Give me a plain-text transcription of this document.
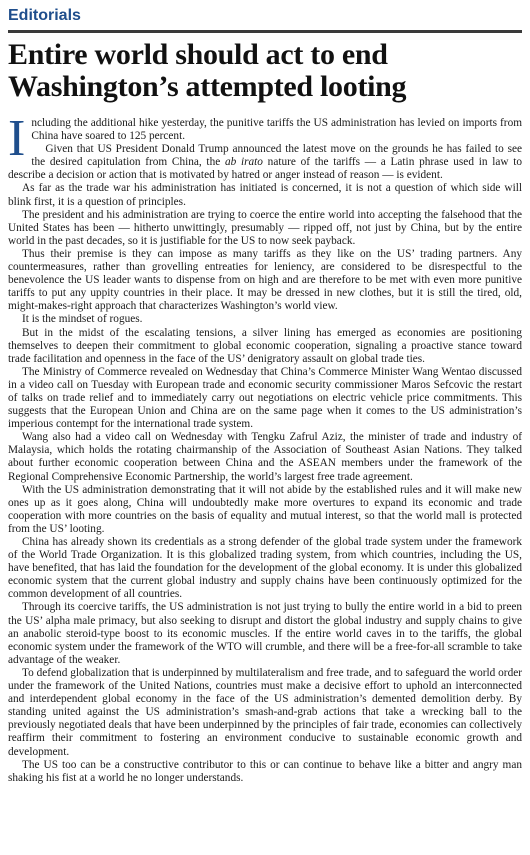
Editorials
Entire world should act to end
Washington’s attempted looting

Including the additional hike yesterday, the punitive tariffs the US administration has levied on imports from China have soared to 125 percent.

Given that US President Donald Trump announced the latest move on the grounds he has failed to see the desired capitulation from China, the ab irato nature of the tariffs — a Latin phrase used in law to describe a decision or action that is motivated by hatred or anger instead of reason — is evident.

As far as the trade war his administration has initiated is concerned, it is not a question of which side will blink first, it is a question of principles.

The president and his administration are trying to coerce the entire world into accepting the falsehood that the United States has been — hitherto unwittingly, presumably — ripped off, not just by China, but by the entire world in the past decades, so it is justifiable for the US to now seek payback.

Thus their premise is they can impose as many tariffs as they like on the US’ trading partners. Any countermeasures, rather than grovelling entreaties for leniency, are considered to be disrespectful to the benevolence the US leader wants to dispense from on high and are therefore to be met with even more punitive tariffs to put any uppity countries in their place. It may be dressed in new clothes, but it is still the tired, old, might-makes-right approach that characterizes Washington’s world view.

It is the mindset of rogues.

But in the midst of the escalating tensions, a silver lining has emerged as economies are positioning themselves to deepen their commitment to global economic cooperation, signaling a proactive stance toward trade facilitation and openness in the face of the US’ denigratory assault on global trade ties.

The Ministry of Commerce revealed on Wednesday that China’s Commerce Minister Wang Wentao discussed in a video call on Tuesday with European trade and economic security commissioner Maros Sefcovic the restart of talks on trade relief and to immediately carry out negotiations on electric vehicle price commitments. This suggests that the European Union and China are on the same page when it comes to the US administration’s imperious contempt for the international trade system.

Wang also had a video call on Wednesday with Tengku Zafrul Aziz, the minister of trade and industry of Malaysia, which holds the rotating chairmanship of the Association of Southeast Asian Nations. They talked about further economic cooperation between China and the ASEAN members under the framework of the Regional Comprehensive Economic Partnership, the world’s largest free trade agreement.

With the US administration demonstrating that it will not abide by the established rules and it will make new ones up as it goes along, China will undoubtedly make more overtures to expand its economic and trade cooperation with more countries on the basis of equality and mutual interest, so that the world mall is protected from the US’ looting.

China has already shown its credentials as a strong defender of the global trade system under the framework of the World Trade Organization. It is this globalized trading system, from which countries, including the US, have benefited, that has laid the foundation for the development of the global economy. It is under this globalized economic system that the current global industry and supply chains have been continuously optimized for the common development of all countries.

Through its coercive tariffs, the US administration is not just trying to bully the entire world in a bid to preen the US’ alpha male primacy, but also seeking to disrupt and distort the global industry and supply chains to give an anabolic steroid-type boost to its economic muscles. If the entire world caves in to the tariffs, the global economic system under the framework of the WTO will crumble, and there will be a free-for-all scramble to take advantage of the weaker.

To defend globalization that is underpinned by multilateralism and free trade, and to safeguard the world order under the framework of the United Nations, countries must make a decisive effort to uphold an interconnected and interdependent global economy in the face of the US administration’s demented demolition derby. By standing united against the US administration’s smash-and-grab actions that take a wrecking ball to the previously negotiated deals that have been underpinned by the principles of fair trade, economies can collectively reaffirm their commitment to fostering an environment conducive to sustainable economic growth and development.

The US too can be a constructive contributor to this or can continue to behave like a bitter and angry man shaking his fist at a world he no longer understands.
